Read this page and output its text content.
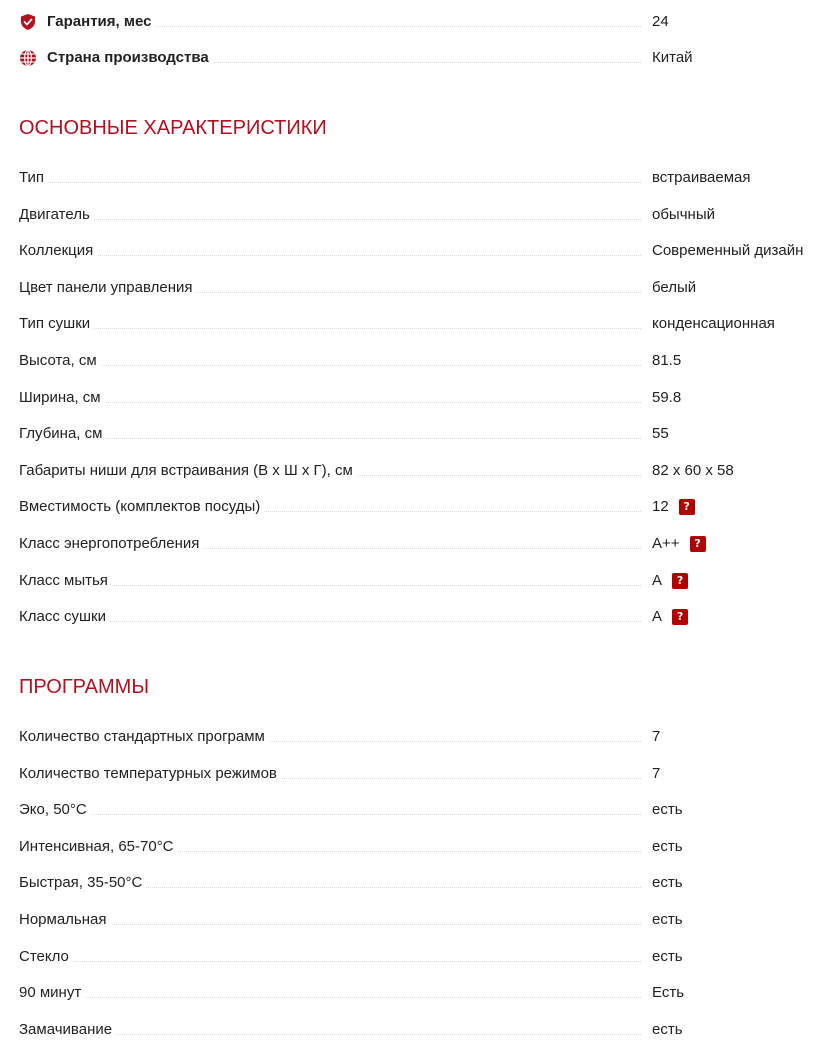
Гарантия, мес	24
Страна производства	Китай
ОСНОВНЫЕ ХАРАКТЕРИСТИКИ
Тип	встраиваемая
Двигатель	обычный
Коллекция	Современный дизайн
Цвет панели управления	белый
Тип сушки	конденсационная
Высота, см	81.5
Ширина, см	59.8
Глубина, см	55
Габариты ниши для встраивания (В x Ш x Г), см	82 x 60 x 58
Вместимость (комплектов посуды)	12	?
Класс энергопотребления	A++	?
Класс мытья	A	?
Класс сушки	A	?
ПРОГРАММЫ
Количество стандартных программ	7
Количество температурных режимов	7
Эко, 50°C	есть
Интенсивная, 65-70°C	есть
Быстрая, 35-50°C	есть
Нормальная	есть
Стекло	есть
90 минут	Есть
Замачивание	есть
